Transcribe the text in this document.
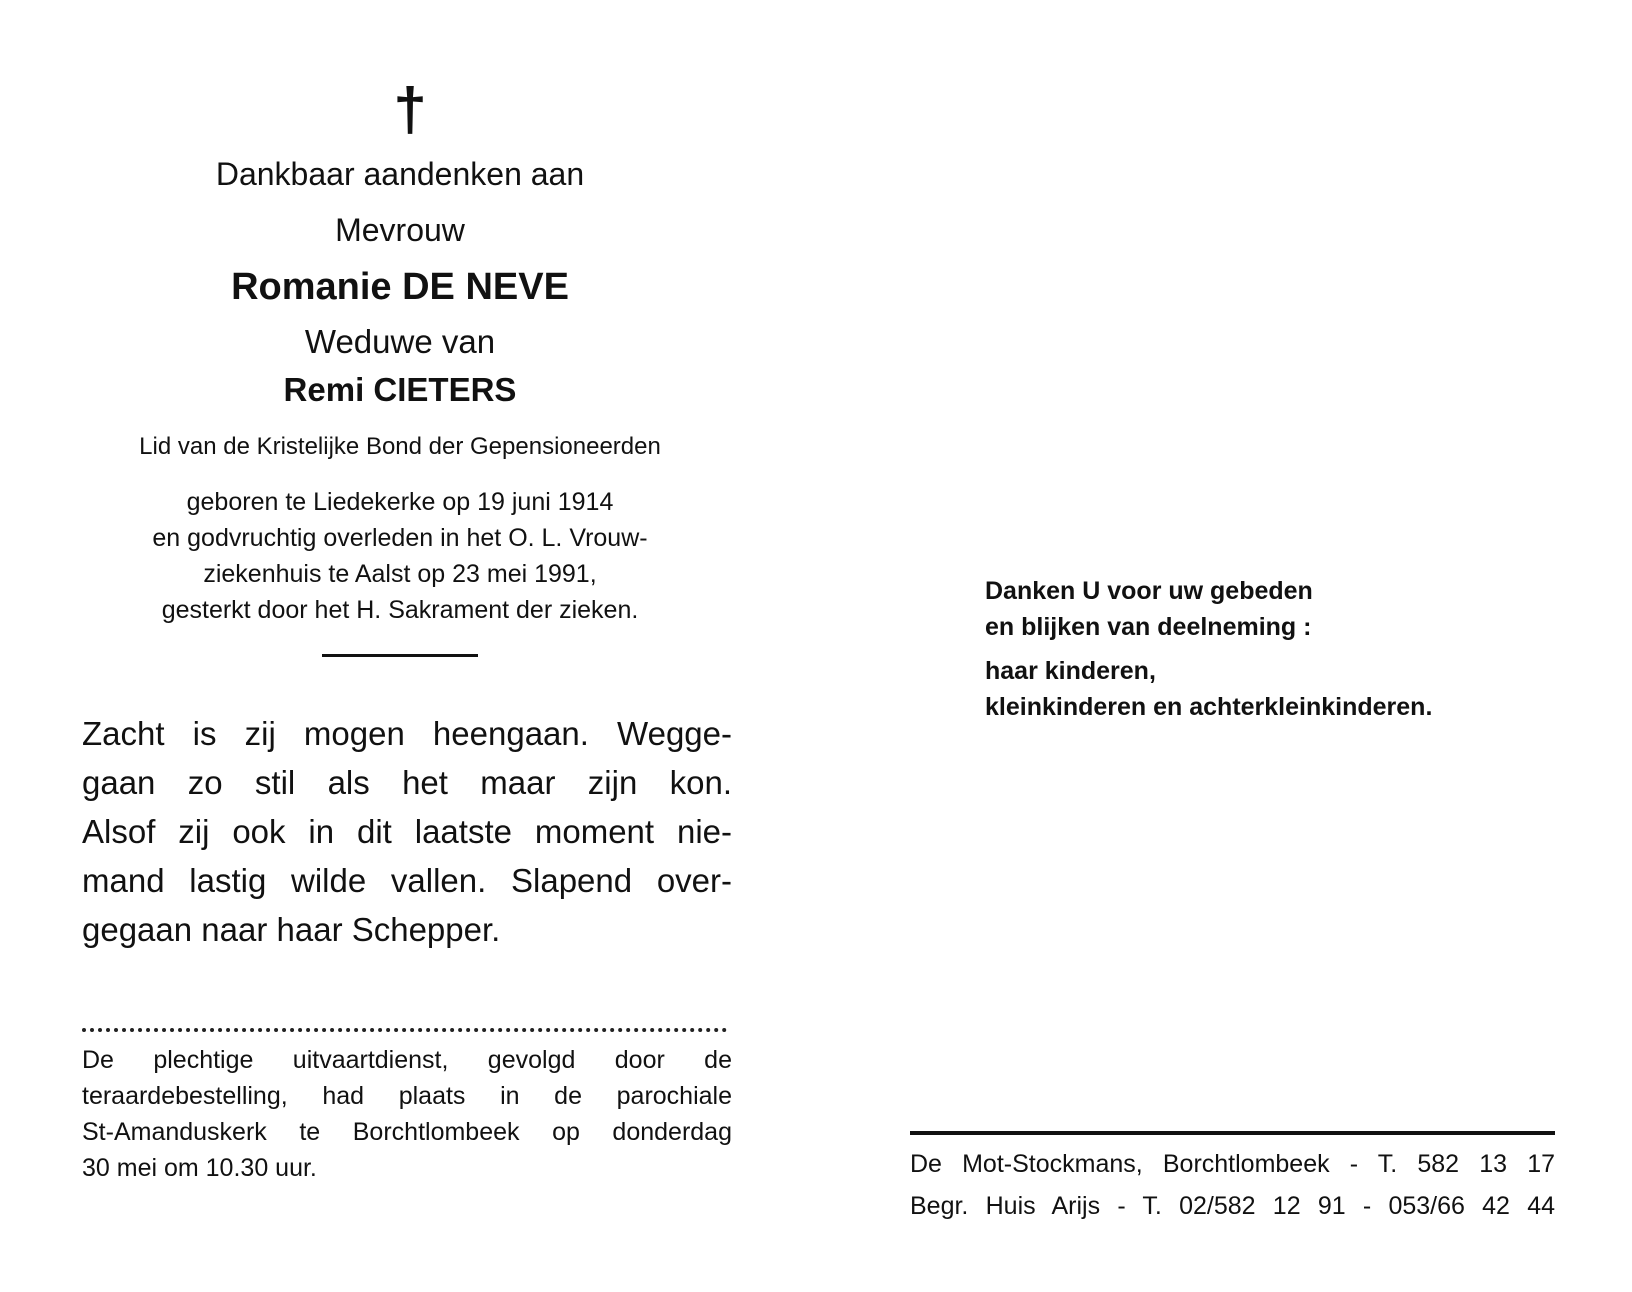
†
Dankbaar aandenken aan
Mevrouw
Romanie DE NEVE
Weduwe van
Remi CIETERS
Lid van de Kristelijke Bond der Gepensioneerden
geboren te Liedekerke op 19 juni 1914
en godvruchtig overleden in het O. L. Vrouw-
ziekenhuis te Aalst op 23 mei 1991,
gesterkt door het H. Sakrament der zieken.
Zacht is zij mogen heengaan. Wegge-
gaan zo stil als het maar zijn kon.
Alsof zij ook in dit laatste moment nie-
mand lastig wilde vallen. Slapend over-
gegaan naar haar Schepper.
De plechtige uitvaartdienst, gevolgd door de
teraardebestelling, had plaats in de parochiale
St-Amanduskerk te Borchtlombeek op donderdag
30 mei om 10.30 uur.
Danken U voor uw gebeden
en blijken van deelneming :
haar kinderen,
kleinkinderen en achterkleinkinderen.
De Mot-Stockmans, Borchtlombeek - T. 582 13 17
Begr. Huis Arijs - T. 02/582 12 91 - 053/66 42 44
